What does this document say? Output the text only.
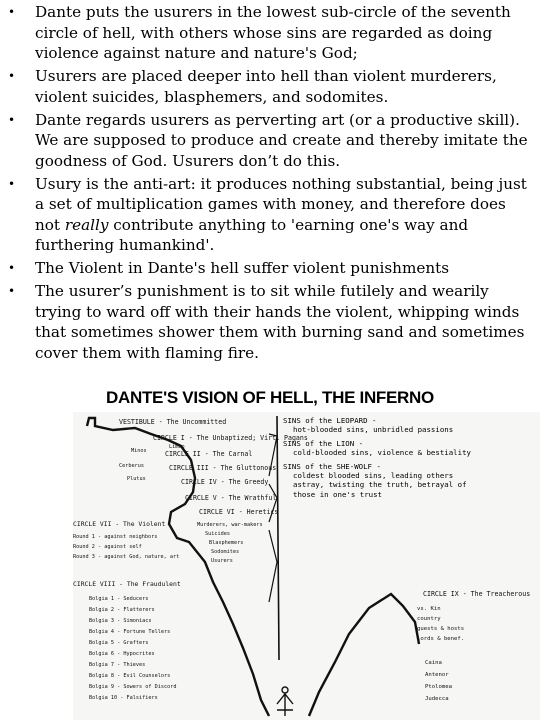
• Dante puts the usurers in the lowest sub-circle of the seventh circle of hell, with others whose sins are regarded as doing violence against nature and nature's God;
• Usurers are placed deeper into hell than violent murderers, violent suicides, blasphemers, and sodomites.
• Dante regards usurers as perverting art (or a productive skill). We are supposed to produce and create and thereby imitate the goodness of God. Usurers don’t do this.
• Usury is the anti-art: it produces nothing substantial, being just a set of multiplication games with money, and therefore does not really contribute anything to 'earning one's way and furthering humankind'.
• The Violent in Dante's hell suffer violent punishments
• The usurer’s punishment is to sit while futilely and wearily trying to ward off with their hands the violent, whipping winds that sometimes shower them with burning sand and sometimes cover them with flaming fire.
DANTE'S VISION OF HELL, THE INFERNO
VESTIBULE - The Uncommitted
CIRCLE I - The Unbaptized; Virt. Pagans
CIRCLE II - The Carnal
CIRCLE III - The Gluttonous
CIRCLE IV - The Greedy
CIRCLE V - The Wrathful
CIRCLE VI - Heretics
Limbo
Minos
Cerberus
Plutus
CIRCLE VII - The Violent
Round 1 - against neighbors
Round 2 - against self
Round 3 - against God, nature, art
Murderers, war-makers
Suicides
Blasphemers
Sodomites
Usurers
CIRCLE VIII - The Fraudulent
Bolgia 1 - Seducers
Bolgia 2 - Flatterers
Bolgia 3 - Simoniacs
Bolgia 4 - Fortune Tellers
Bolgia 5 - Grafters
Bolgia 6 - Hypocrites
Bolgia 7 - Thieves
Bolgia 8 - Evil Counselors
Bolgia 9 - Sowers of Discord
Bolgia 10 - Falsifiers
CIRCLE IX - The Treacherous
vs. Kin
country
guests & hosts
lords & benef.
Caina
Antenor
Ptolomea
Judecca
SINS of the LEOPARD -
hot-blooded sins, unbridled passions
SINS of the LION -
cold-blooded sins, violence & bestiality
SINS of the SHE-WOLF -
coldest blooded sins, leading others astray, twisting the truth, betrayal of those in one's trust
